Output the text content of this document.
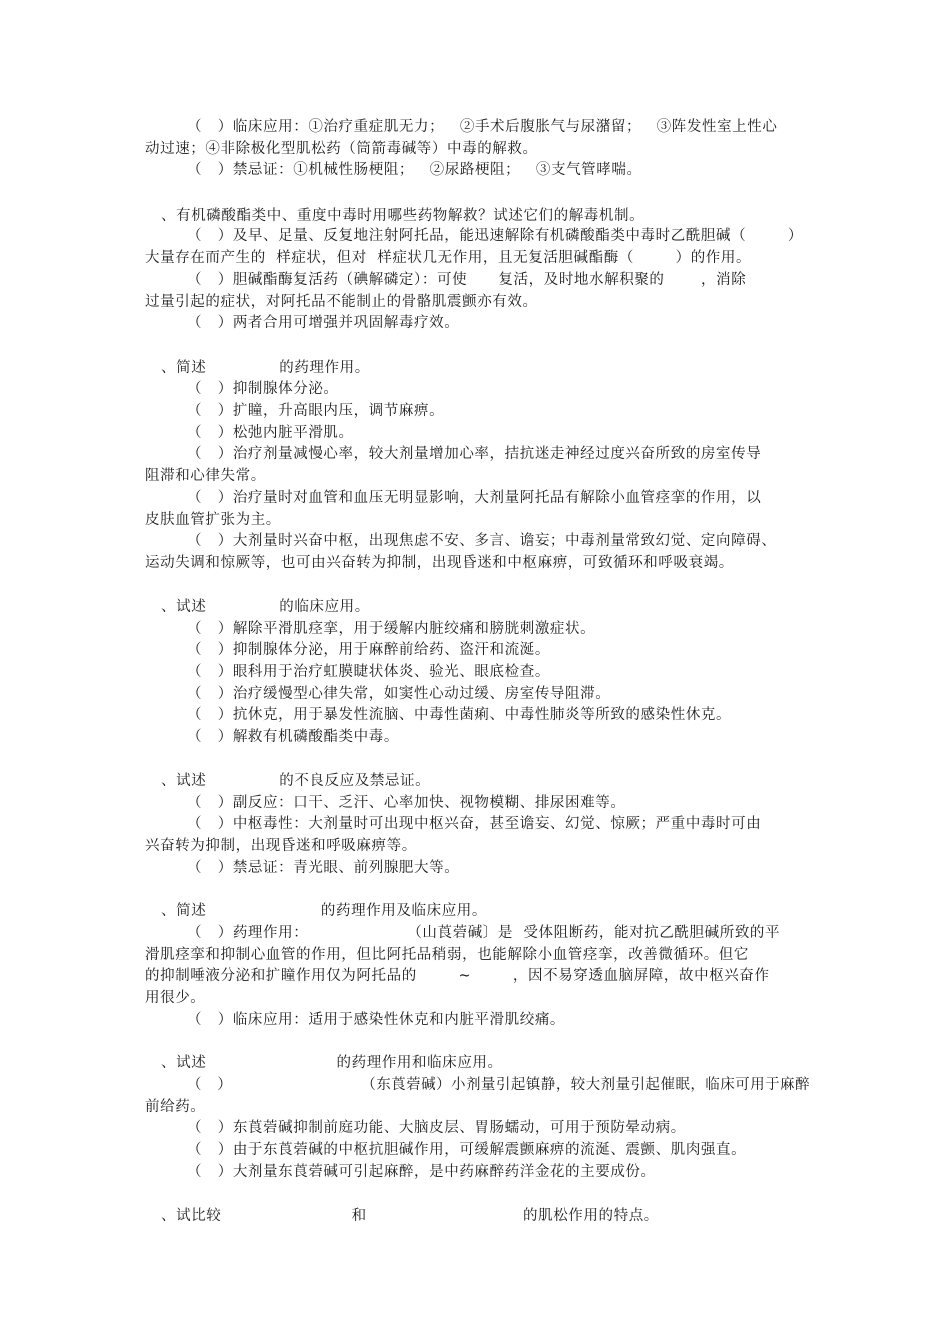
（   ）临床应用：①治疗重症肌无力；   ②手术后腹胀气与尿潴留；   ③阵发性室上性心
动过速；④非除极化型肌松药（筒箭毒碱等）中毒的解救。
（   ）禁忌证：①机械性肠梗阻；   ②尿路梗阻；   ③支气管哮喘。
、有机磷酸酯类中、重度中毒时用哪些药物解救？试述它们的解毒机制。
（   ）及早、足量、反复地注射阿托品，能迅速解除有机磷酸酯类中毒时乙酰胆碱（        ）
大量存在而产生的  样症状，但对  样症状几无作用，且无复活胆碱酯酶（        ）的作用。
（   ）胆碱酯酶复活药（碘解磷定）：可使      复活，及时地水解积聚的       ，消除
过量引起的症状，对阿托品不能制止的骨骼肌震颤亦有效。
（   ）两者合用可增强并巩固解毒疗效。
、简述              的药理作用。
（   ）抑制腺体分泌。
（   ）扩瞳，升高眼内压，调节麻痹。
（   ）松弛内脏平滑肌。
（   ）治疗剂量减慢心率，较大剂量增加心率，拮抗迷走神经过度兴奋所致的房室传导
阻滞和心律失常。
（   ）治疗量时对血管和血压无明显影响，大剂量阿托品有解除小血管痉挛的作用，以
皮肤血管扩张为主。
（   ）大剂量时兴奋中枢，出现焦虑不安、多言、谵妄；中毒剂量常致幻觉、定向障碍、
运动失调和惊厥等，也可由兴奋转为抑制，出现昏迷和中枢麻痹，可致循环和呼吸衰竭。
、试述              的临床应用。
（   ）解除平滑肌痉挛，用于缓解内脏绞痛和膀胱刺激症状。
（   ）抑制腺体分泌，用于麻醉前给药、盗汗和流涎。
（   ）眼科用于治疗虹膜睫状体炎、验光、眼底检查。
（   ）治疗缓慢型心律失常，如窦性心动过缓、房室传导阻滞。
（   ）抗休克，用于暴发性流脑、中毒性菌痢、中毒性肺炎等所致的感染性休克。
（   ）解救有机磷酸酯类中毒。
、试述              的不良反应及禁忌证。
（   ）副反应：口干、乏汗、心率加快、视物模糊、排尿困难等。
（   ）中枢毒性：大剂量时可出现中枢兴奋，甚至谵妄、幻觉、惊厥；严重中毒时可由
兴奋转为抑制，出现昏迷和呼吸麻痹等。
（   ）禁忌证：青光眼、前列腺肥大等。
、简述                      的药理作用及临床应用。
（   ）药理作用：                   （山莨菪碱〕是  受体阻断药，能对抗乙酰胆碱所致的平
滑肌痉挛和抑制心血管的作用，但比阿托品稍弱，也能解除小血管痉挛，改善微循环。但它
的抑制唾液分泌和扩瞳作用仅为阿托品的        ~        ，因不易穿透血脑屏障，故中枢兴奋作
用很少。
（   ）临床应用：适用于感染性休克和内脏平滑肌绞痛。
、试述                         的药理作用和临床应用。
（   ）                         （东莨菪碱）小剂量引起镇静，较大剂量引起催眠，临床可用于麻醉
前给药。
（   ）东莨菪碱抑制前庭功能、大脑皮层、胃肠蠕动，可用于预防晕动病。
（   ）由于东莨菪碱的中枢抗胆碱作用，可缓解震颤麻痹的流涎、震颤、肌肉强直。
（   ）大剂量东莨菪碱可引起麻醉，是中药麻醉药洋金花的主要成份。
、试比较                         和                              的肌松作用的特点。
